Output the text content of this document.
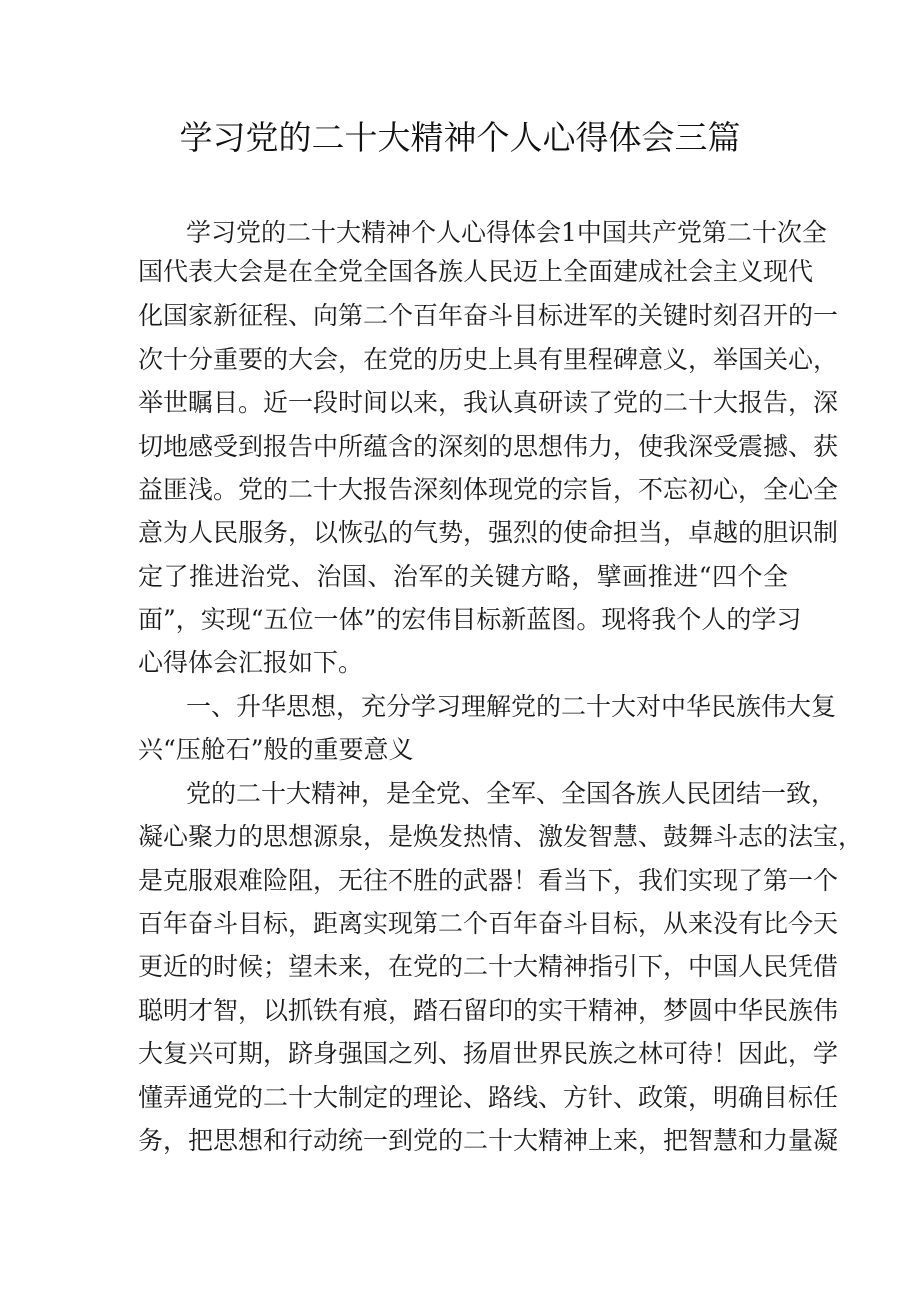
学习党的二十大精神个人心得体会三篇
学习党的二十大精神个人心得体会1中国共产党第二十次全
国代表大会是在全党全国各族人民迈上全面建成社会主义现代
化国家新征程、向第二个百年奋斗目标进军的关键时刻召开的一
次十分重要的大会，在党的历史上具有里程碑意义，举国关心，
举世瞩目。近一段时间以来，我认真研读了党的二十大报告，深
切地感受到报告中所蕴含的深刻的思想伟力，使我深受震撼、获
益匪浅。党的二十大报告深刻体现党的宗旨，不忘初心，全心全
意为人民服务，以恢弘的气势，强烈的使命担当，卓越的胆识制
定了推进治党、治国、治军的关键方略，擘画推进“四个全
面”，实现“五位一体”的宏伟目标新蓝图。现将我个人的学习
心得体会汇报如下。
一、升华思想，充分学习理解党的二十大对中华民族伟大复
兴“压舱石”般的重要意义
党的二十大精神，是全党、全军、全国各族人民团结一致，
凝心聚力的思想源泉，是焕发热情、激发智慧、鼓舞斗志的法宝，
是克服艰难险阻，无往不胜的武器！看当下，我们实现了第一个
百年奋斗目标，距离实现第二个百年奋斗目标，从来没有比今天
更近的时候；望未来，在党的二十大精神指引下，中国人民凭借
聪明才智，以抓铁有痕，踏石留印的实干精神，梦圆中华民族伟
大复兴可期，跻身强国之列、扬眉世界民族之林可待！因此，学
懂弄通党的二十大制定的理论、路线、方针、政策，明确目标任
务，把思想和行动统一到党的二十大精神上来，把智慧和力量凝
